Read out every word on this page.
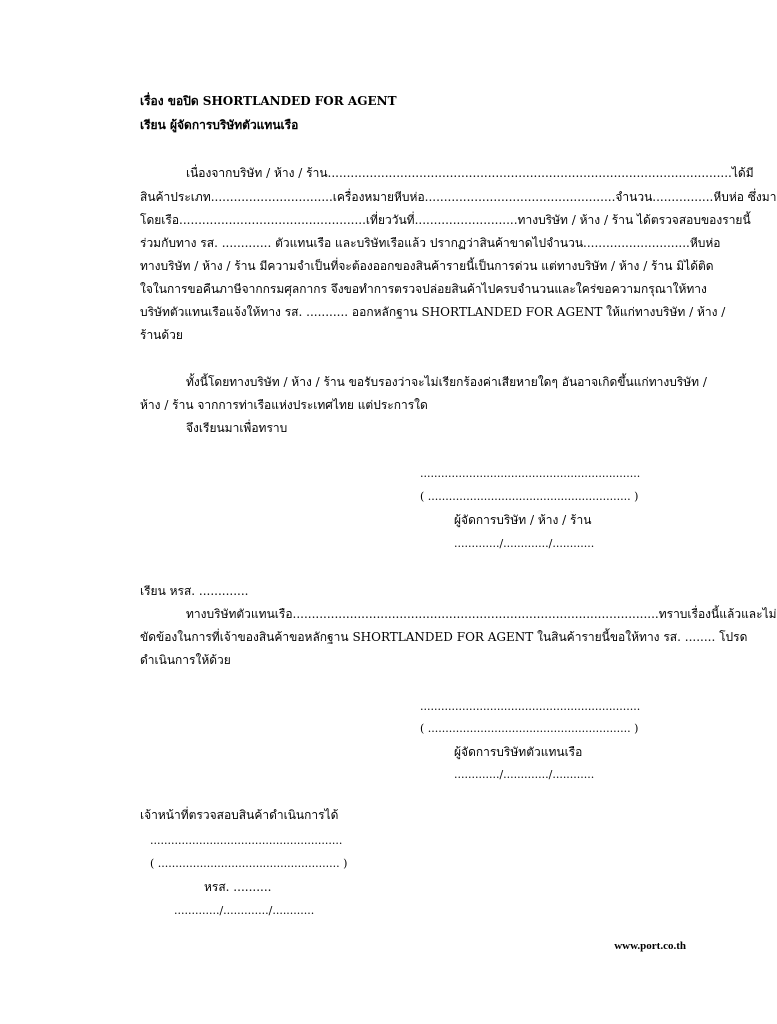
เรื่อง ขอปิด SHORTLANDED FOR AGENT
เรียน ผู้จัดการบริษัทตัวแทนเรือ
เนื่องจากบริษัท / ห้าง / ร้าน..........................................................................................................ได้มี
สินค้าประเภท................................เครื่องหมายหีบห่อ..................................................จำนวน................หีบห่อ ซึ่งมา
โดยเรือ.................................................เที่ยววันที่...........................ทางบริษัท / ห้าง / ร้าน ได้ตรวจสอบของรายนี้
ร่วมกับทาง รส. ............. ตัวแทนเรือ และบริษัทเรือแล้ว ปรากฏว่าสินค้าขาดไปจำนวน............................หีบห่อ
ทางบริษัท / ห้าง / ร้าน มีความจำเป็นที่จะต้องออกของสินค้ารายนี้เป็นการด่วน แต่ทางบริษัท / ห้าง / ร้าน มิได้ติด
ใจในการขอคืนภาษีจากกรมศุลกากร จึงขอทำการตรวจปล่อยสินค้าไปครบจำนวนและใคร่ขอความกรุณาให้ทาง
บริษัทตัวแทนเรือแจ้งให้ทาง รส. ........... ออกหลักฐาน SHORTLANDED FOR AGENT ให้แก่ทางบริษัท / ห้าง /
ร้านด้วย
ทั้งนี้โดยทางบริษัท / ห้าง / ร้าน ขอรับรองว่าจะไม่เรียกร้องค่าเสียหายใดๆ อันอาจเกิดขึ้นแก่ทางบริษัท /
ห้าง / ร้าน จากการท่าเรือแห่งประเทศไทย แต่ประการใด
จึงเรียนมาเพื่อทราบ
...............................................................
( .......................................................... )
ผู้จัดการบริษัท / ห้าง / ร้าน
............./............./............
เรียน หรส. .............
ทางบริษัทตัวแทนเรือ................................................................................................ทราบเรื่องนี้แล้วและไม่
ขัดข้องในการที่เจ้าของสินค้าขอหลักฐาน SHORTLANDED FOR AGENT ในสินค้ารายนี้ขอให้ทาง รส. ........ โปรด
ดำเนินการให้ด้วย
...............................................................
( .......................................................... )
ผู้จัดการบริษัทตัวแทนเรือ
............./............./............
เจ้าหน้าที่ตรวจสอบสินค้าดำเนินการได้
.......................................................
( .................................................... )
หรส. ..........
............./............./............
www.port.co.th
